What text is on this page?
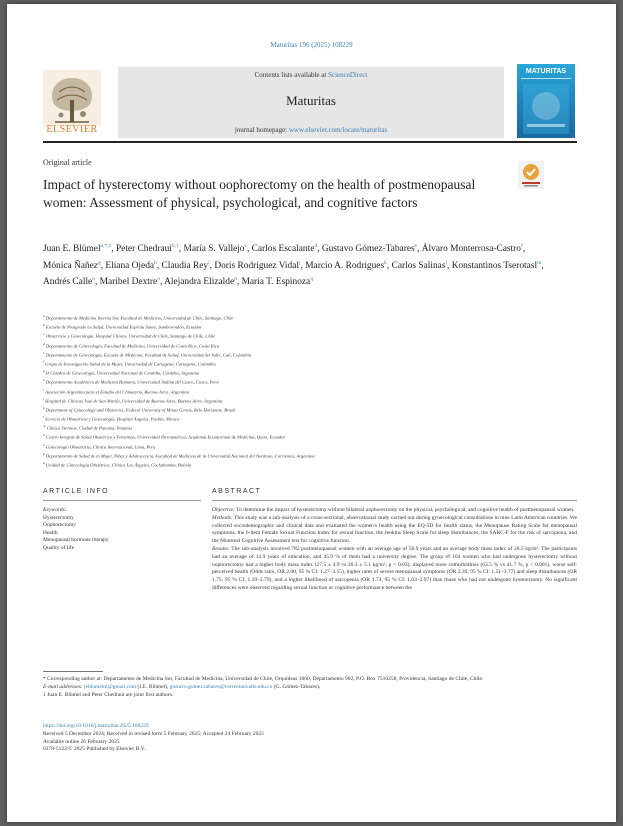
Maturitas 196 (2025) 108229
ELSEVIER
Contents lists available at ScienceDirect
Maturitas
journal homepage: www.elsevier.com/locate/maturitas
MATURITAS
Original article
Impact of hysterectomy without oophorectomy on the health of postmenopausal women: Assessment of physical, psychological, and cognitive factors
Juan E. Blümel$^{a,*,1}$, Peter Chedraui$^{b,1}$, María S. Vallejo$^c$, Carlos Escalante$^d$, Gustavo Gómez-Tabares$^e$, Álvaro Monterrosa-Castro$^f$, Mónica Ñañez$^g$, Eliana Ojeda$^h$, Claudia Rey$^i$, Doris Rodríguez Vidal$^j$, Marcio A. Rodrigues$^k$, Carlos Salinas$^l$, Konstantinos Tserotasl$^m$, Andrés Calle$^n$, Maribel Dextre$^o$, Alejandra Elizalde$^p$, María T. Espinoza$^q$
$^a$ Departamento de Medicina Interna Sur, Facultad de Medicina, Universidad de Chile, Santiago, Chile
$^b$ Escuela de Postgrado en Salud, Universidad Espíritu Santo, Samborondón, Ecuador
$^c$ Obstetricia y Ginecología, Hospital Clínico, Universidad de Chile, Santiago de Chile, Chile
$^d$ Departamento de Ginecología, Facultad de Medicina, Universidad de Costa Rica, Costa Rica
$^e$ Departamento de Ginecología, Escuela de Medicina, Facultad de Salud, Universidad del Valle, Cali, Colombia
$^f$ Grupo de Investigación Salud de la Mujer, Universidad de Cartagena, Cartagena, Colombia
$^g$ II Cátedra de Ginecología, Universidad Nacional de Córdoba, Córdoba, Argentina
$^h$ Departamento Académico de Medicina Humana, Universidad Andina del Cusco, Cusco, Peru
$^i$ Asociación Argentina para el Estudio del Climaterio, Buenos Aires, Argentina
$^j$ Hospital de Clínicas José de San Martín, Universidad de Buenos Aires, Buenos Aires, Argentina
$^k$ Department of Gynecology and Obstetrics, Federal University of Minas Gerais, Belo Horizonte, Brazil
$^l$ Servicio de Obstetricia y Ginecología, Hospital Ángeles, Puebla, Mexico
$^m$ Clínica Tserotas, Ciudad de Panamá, Panama
$^n$ Centro Integral de Salud Obstétrica y Femenina, Universidad Iberoamérica, Academia Ecuatoriana de Medicina, Quito, Ecuador
$^o$ Ginecología Obstetricia, Clínica Internacional, Lima, Peru
$^p$ Departamento de Salud de la Mujer, Niñez y Adolescencia, Facultad de Medicina de la Universidad Nacional del Nordeste, Corrientes, Argentina
$^q$ Unidad de Ginecología Obstétrica, Clínica Los Ángeles, Cochabamba, Bolivia
ARTICLE INFO	ABSTRACT
Keywords:
Hysterectomy
Oophorectomy
Health
Menopausal hormone therapy
Quality of life

Objective: To determine the impact of hysterectomy without bilateral oophorectomy on the physical, psychological, and cognitive health of postmenopausal women.

Methods: This study was a sub-analysis of a cross-sectional, observational study carried out during gynecological consultations in nine Latin American countries. We collected sociodemographic and clinical data and evaluated the women's health using the EQ-5D for health status, the Menopause Rating Scale for menopausal symptoms, the 6-item Female Sexual Function Index for sexual function, the Jenkins Sleep Scale for sleep disturbances, the SARC-F for the risk of sarcopenia, and the Montreal Cognitive Assessment test for cognitive function.

Results: The sub-analysis involved 782 postmenopausal women with an average age of 56.9 years and an average body mass index of 26.5 kg/m². The participants had an average of 13.9 years of education, and 45.9 % of them had a university degree. The group of 104 women who had undergone hysterectomy without oophorectomy had a higher body mass index (27.5 ± 4.9 vs 26.3 ± 5.1 kg/m², p < 0.03), displayed more comorbidities (63.5 % vs 41.7 %, p < 0.001), worse self-perceived health (Odds ratio, OR 2.00, 95 % CI: 1.27–3.15), higher rates of severe menopausal symptoms (OR 2.39, 95 % CI: 1.51–3.77) and sleep disturbances (OR 1.75, 95 % CI: 1.10–2.79), and a higher likelihood of sarcopenia (OR 1.74, 95 % CI: 1.03–2.97) than those who had not undergone hysterectomy. No significant differences were observed regarding sexual function or cognitive performance between the

* Corresponding author at: Departamento de Medicina Sur, Facultad de Medicina, Universidad de Chile, Orquídeas 1060, Departamento 902, P.O. Box 7510258, Providencia, Santiago de Chile, Chile.
E-mail addresses: jeblumelm@gmail.com (J.E. Blümel), gustavo.gomez.tabares@correounivalle.edu.co (G. Gómez-Tabares).
1 Juan E. Blümel and Peter Chedraui are joint first authors.
https://doi.org/10.1016/j.maturitas.2025.108229
Received 5 December 2024; Received in revised form 5 February 2025; Accepted 24 February 2025
Available online 26 February 2025
0378-5122/© 2025 Published by Elsevier B.V.
